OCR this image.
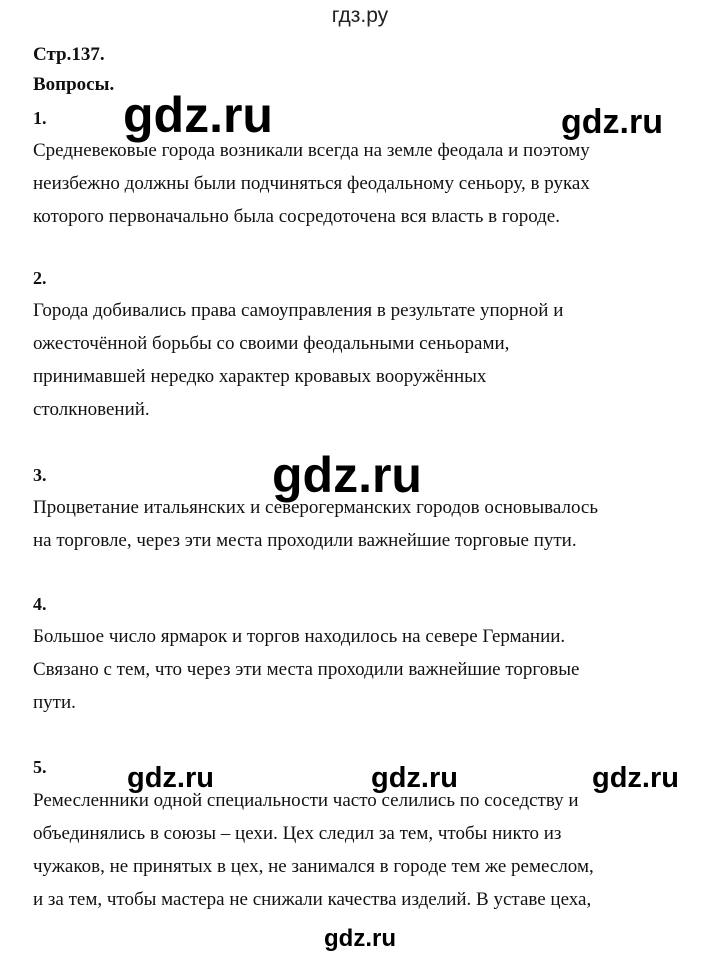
гдз.ру
Стр.137.
Вопросы.
1.
Средневековые города возникали всегда на земле феодала и поэтому
неизбежно должны были подчиняться феодальному сеньору, в руках
которого первоначально была сосредоточена вся власть в городе.
2.
Города добивались права самоуправления в результате упорной и
ожесточённой борьбы со своими феодальными сеньорами,
принимавшей нередко характер кровавых вооружённых
столкновений.
3.
Процветание итальянских и северогерманских городов основывалось
на торговле, через эти места проходили важнейшие торговые пути.
4.
Большое число ярмарок и торгов находилось на севере Германии.
Связано с тем, что через эти места проходили важнейшие торговые
пути.
5.
Ремесленники одной специальности часто селились по соседству и
объединялись в союзы – цехи. Цех следил за тем, чтобы никто из
чужаков, не принятых в цех, не занимался в городе тем же ремеслом,
и за тем, чтобы мастера не снижали качества изделий. В уставе цеха,
gdz.ru	gdz.ru
gdz.ru
gdz.ru	gdz.ru	gdz.ru
gdz.ru
